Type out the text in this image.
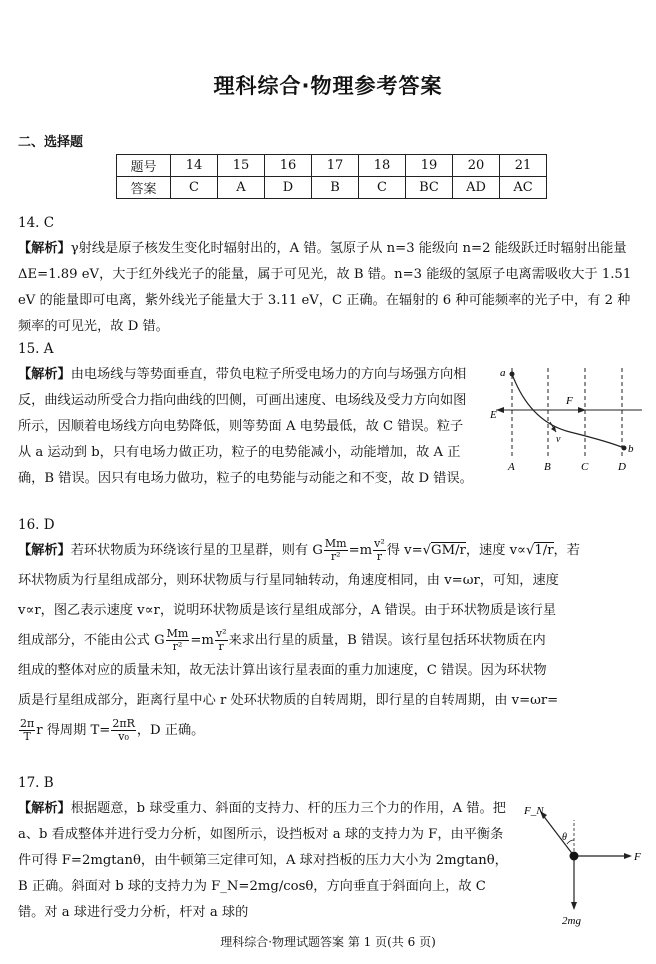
理科综合·物理参考答案
二、选择题
题号	14	15	16	17	18	19	20	21
答案	C	A	D	B	C	BC	AD	AC
14. C
【解析】γ射线是原子核发生变化时辐射出的，A 错。氢原子从 n=3 能级向 n=2 能级跃迁时辐射出能量 ΔE=1.89 eV，大于红外线光子的能量，属于可见光，故 B 错。n=3 能级的氢原子电离需吸收大于 1.51 eV 的能量即可电离，紫外线光子能量大于 3.11 eV，C 正确。在辐射的 6 种可能频率的光子中，有 2 种频率的可见光，故 D 错。
15. A
【解析】由电场线与等势面垂直，带负电粒子所受电场力的方向与场强方向相反，曲线运动所受合力指向曲线的凹侧，可画出速度、电场线及受力方向如图所示，因顺着电场线方向电势降低，则等势面 A 电势最低，故 C 错误。粒子从 a 运动到 b，只有电场力做正功，粒子的电势能减小，动能增加，故 A 正确，B 错误。因只有电场力做功，粒子的电势能与动能之和不变，故 D 错误。
a
b
F
E
v
A	B	C	D
16. D
【解析】若环状物质为环绕该行星的卫星群，则有 G $\frac{Mm}{\text{r²}} =m \frac{\text{v²}}{r}$ 得 v=√GM/r，速度 v∝√1/r，若
环状物质为行星组成部分，则环状物质与行星同轴转动，角速度相同，由 v=ωr，可知，速度
v∝r，图乙表示速度 v∝r，说明环状物质是该行星组成部分，A 错误。由于环状物质是该行星
组成部分，不能由公式 G $\frac{Mm}{\text{r²}} =m \frac{\text{v²}}{r}$ 来求出行星的质量，B 错误。该行星包括环状物质在内
组成的整体对应的质量未知，故无法计算出该行星表面的重力加速度，C 错误。因为环状物
质是行星组成部分，距离行星中心 r 处环状物质的自转周期，即行星的自转周期，由 v=ωr=
$\frac{2\pi}{T}$ r 得周期 $T= \frac{2\pi R}{\text{v₀}}$ ，D 正确。
17. B
【解析】根据题意，b 球受重力、斜面的支持力、杆的压力三个力的作用，A 错。把 a、b 看成整体并进行受力分析，如图所示，设挡板对 a 球的支持力为 F，由平衡条件可得 F=2mgtanθ，由牛顿第三定律可知，A 球对挡板的压力大小为 2mgtanθ，B 正确。斜面对 b 球的支持力为 F_N=2mg/cosθ，方向垂直于斜面向上，故 C 错。对 a 球进行受力分析，杆对 a 球的
F_N
θ
F
2mg
理科综合·物理试题答案 第 1 页(共 6 页)
